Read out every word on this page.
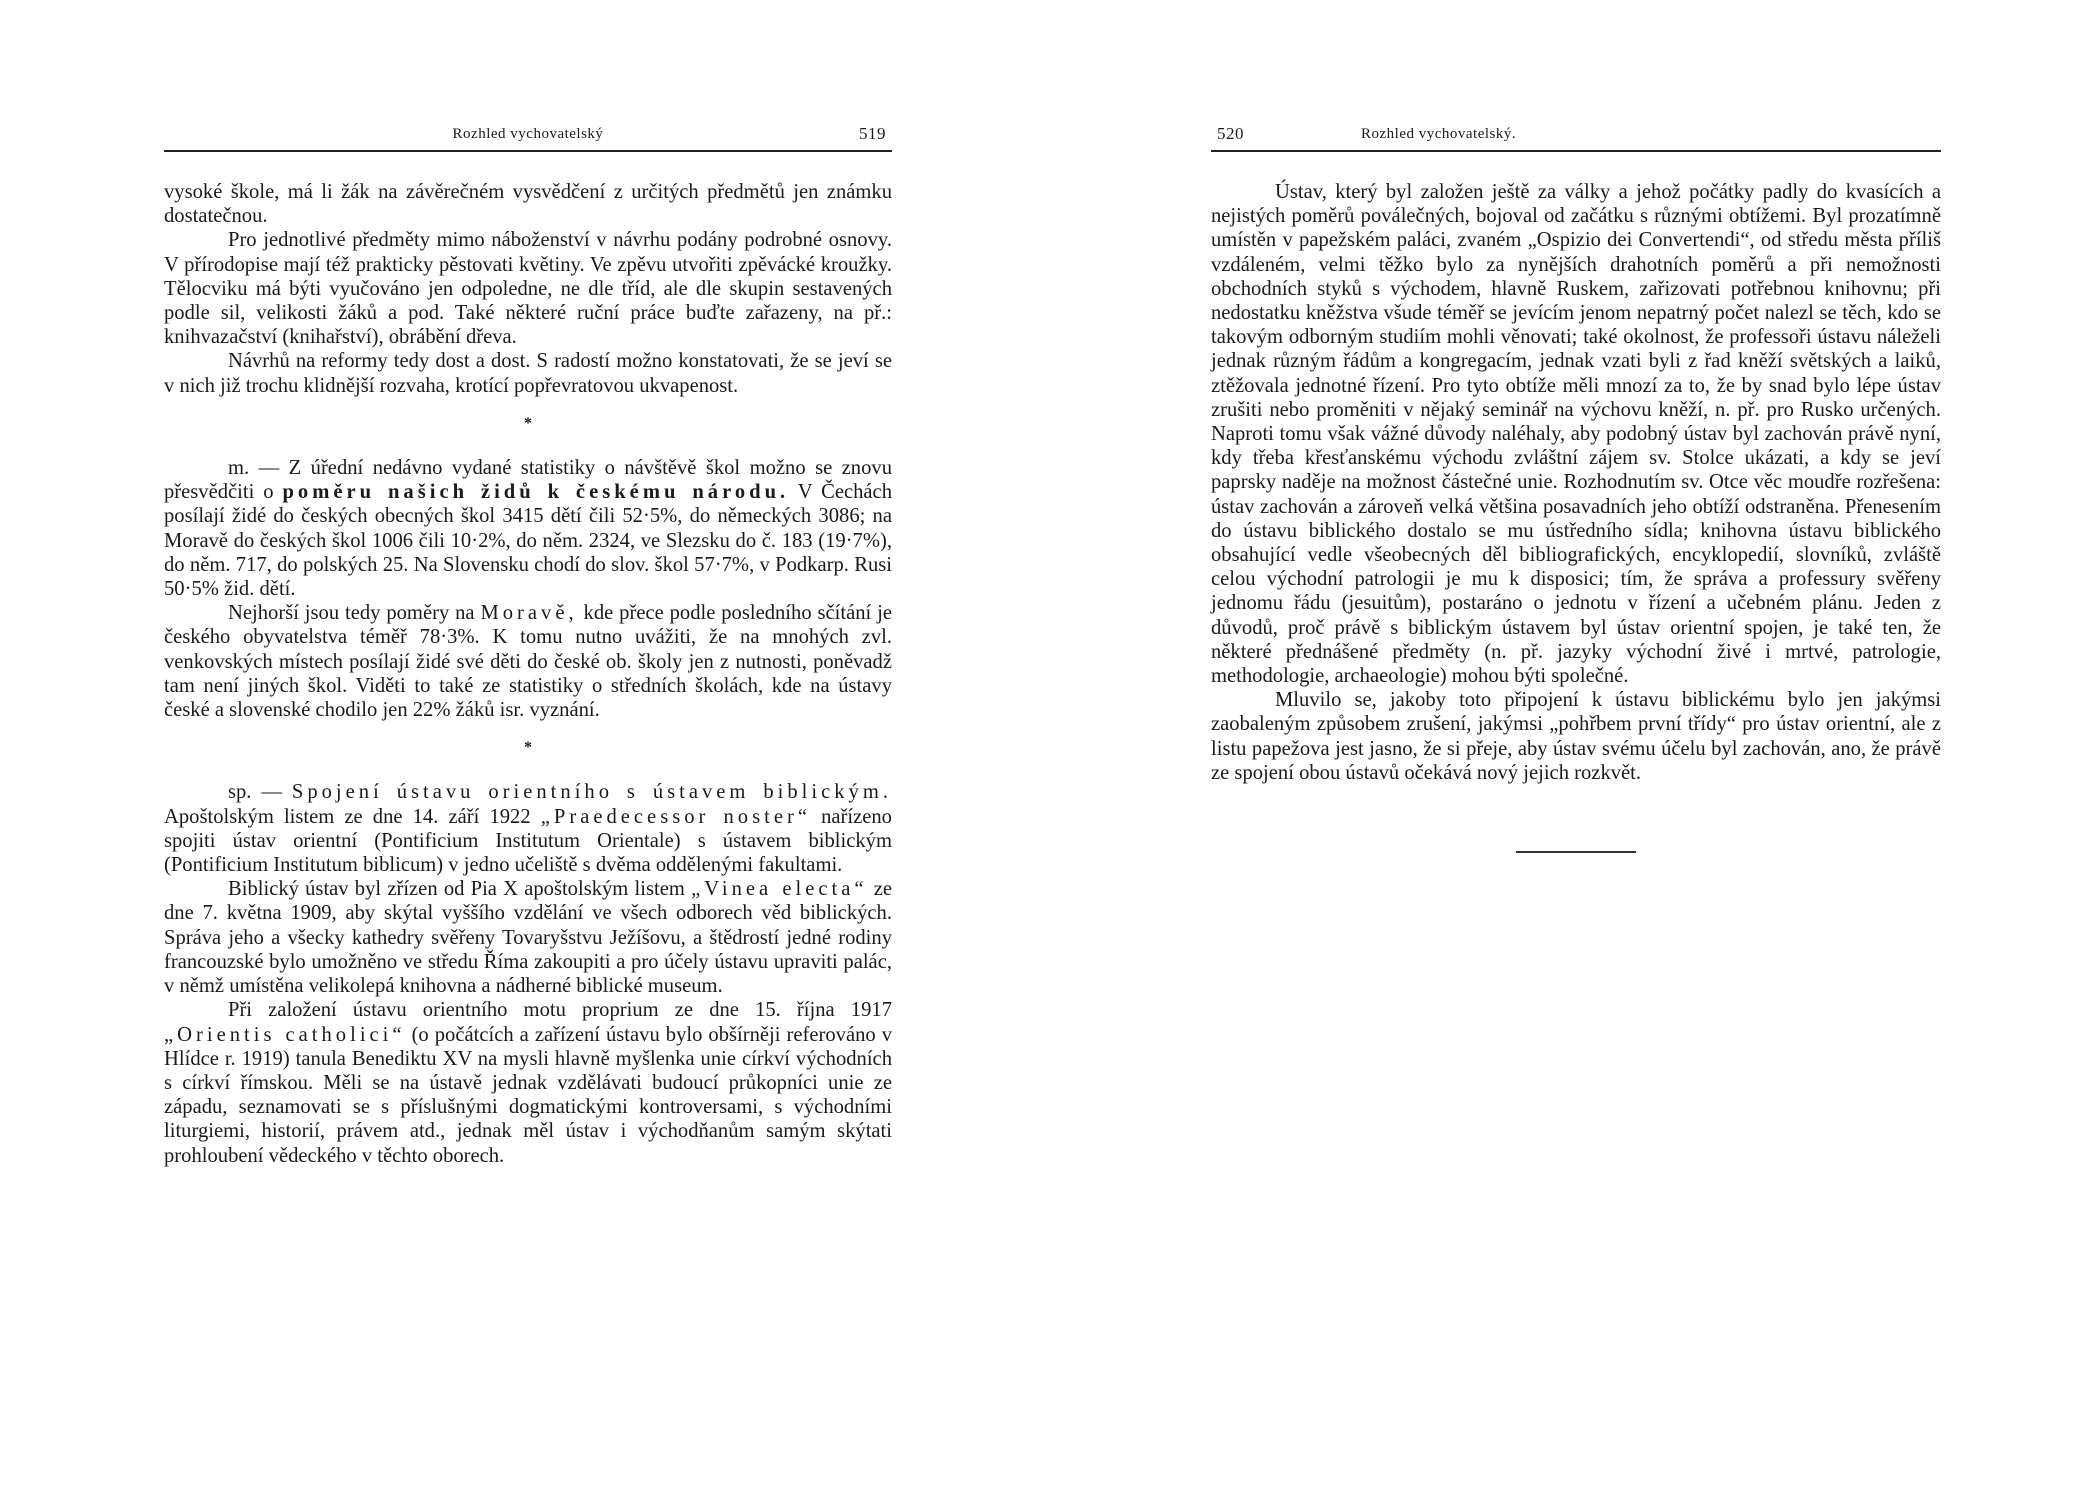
Rozhled vychovatelský	519

vysoké škole, má li žák na závěrečném vysvědčení z určitých předmětů jen známku dostatečnou.

Pro jednotlivé předměty mimo náboženství v návrhu podány podrobné osnovy. V přírodopise mají též prakticky pěstovati květiny. Ve zpěvu utvořiti zpěvácké kroužky. Tělocviku má býti vyučováno jen odpoledne, ne dle tříd, ale dle skupin sestavených podle sil, velikosti žáků a pod. Také některé ruční práce buďte zařazeny, na př.: knihvazačství (knihařství), obrábění dřeva.

Návrhů na reformy tedy dost a dost. S radostí možno konstatovati, že se jeví se v nich již trochu klidnější rozvaha, krotící popřevratovou ukvapenost.

*

m. — Z úřední nedávno vydané statistiky o návštěvě škol možno se znovu přesvědčiti o poměru našich židů k českému národu. V Čechách posílají židé do českých obecných škol 3415 dětí čili 52·5%, do německých 3086; na Moravě do českých škol 1006 čili 10·2%, do něm. 2324, ve Slezsku do č. 183 (19·7%), do něm. 717, do polských 25. Na Slovensku chodí do slov. škol 57·7%, v Podkarp. Rusi 50·5% žid. dětí.

Nejhorší jsou tedy poměry na Moravě, kde přece podle posledního sčítání je českého obyvatelstva téměř 78·3%. K tomu nutno uvážiti, že na mnohých zvl. venkovských místech posílají židé své děti do české ob. školy jen z nutnosti, poněvadž tam není jiných škol. Viděti to také ze statistiky o středních školách, kde na ústavy české a slovenské chodilo jen 22% žáků isr. vyznání.

*

sp. — Spojení ústavu orientního s ústavem biblickým. Apoštolským listem ze dne 14. září 1922 „Praedecessor noster“ nařízeno spojiti ústav orientní (Pontificium Institutum Orientale) s ústavem biblickým (Pontificium Institutum biblicum) v jedno učeliště s dvěma oddělenými fakultami.

Biblický ústav byl zřízen od Pia X apoštolským listem „Vinea electa“ ze dne 7. května 1909, aby skýtal vyššího vzdělání ve všech odborech věd biblických. Správa jeho a všecky kathedry svěřeny Tovaryšstvu Ježíšovu, a štědrostí jedné rodiny francouzské bylo umožněno ve středu Říma zakoupiti a pro účely ústavu upraviti palác, v němž umístěna velikolepá knihovna a nádherné biblické museum.

Při založení ústavu orientního motu proprium ze dne 15. října 1917 „Orientis catholici“ (o počátcích a zařízení ústavu bylo obšírněji referováno v Hlídce r. 1919) tanula Benediktu XV na mysli hlavně myšlenka unie církví východních s církví římskou. Měli se na ústavě jednak vzdělávati budoucí průkopníci unie ze západu, seznamovati se s příslušnými dogmatickými kontroversami, s východními liturgiemi, historií, právem atd., jednak měl ústav i východňanům samým skýtati prohloubení vědeckého v těchto oborech.

520	Rozhled vychovatelský.

Ústav, který byl založen ještě za války a jehož počátky padly do kvasících a nejistých poměrů poválečných, bojoval od začátku s různými obtížemi. Byl prozatímně umístěn v papežském paláci, zvaném „Ospizio dei Convertendi“, od středu města příliš vzdáleném, velmi těžko bylo za nynějších drahotních poměrů a při nemožnosti obchodních styků s východem, hlavně Ruskem, zařizovati potřebnou knihovnu; při nedostatku kněžstva všude téměř se jevícím jenom nepatrný počet nalezl se těch, kdo se takovým odborným studiím mohli věnovati; také okolnost, že professoři ústavu náleželi jednak různým řádům a kongregacím, jednak vzati byli z řad kněží světských a laiků, ztěžovala jednotné řízení. Pro tyto obtíže měli mnozí za to, že by snad bylo lépe ústav zrušiti nebo proměniti v nějaký seminář na výchovu kněží, n. př. pro Rusko určených. Naproti tomu však vážné důvody naléhaly, aby podobný ústav byl zachován právě nyní, kdy třeba křesťanskému východu zvláštní zájem sv. Stolce ukázati, a kdy se jeví paprsky naděje na možnost částečné unie. Rozhodnutím sv. Otce věc moudře rozřešena: ústav zachován a zároveň velká většina posavadních jeho obtíží odstraněna. Přenesením do ústavu biblického dostalo se mu ústředního sídla; knihovna ústavu biblického obsahující vedle všeobecných děl bibliografických, encyklopedií, slovníků, zvláště celou východní patrologii je mu k disposici; tím, že správa a professury svěřeny jednomu řádu (jesuitům), postaráno o jednotu v řízení a učebném plánu. Jeden z důvodů, proč právě s biblickým ústavem byl ústav orientní spojen, je také ten, že některé přednášené předměty (n. př. jazyky východní živé i mrtvé, patrologie, methodologie, archaeologie) mohou býti společné.

Mluvilo se, jakoby toto připojení k ústavu biblickému bylo jen jakýmsi zaobaleným způsobem zrušení, jakýmsi „pohřbem první třídy“ pro ústav orientní, ale z listu papežova jest jasno, že si přeje, aby ústav svému účelu byl zachován, ano, že právě ze spojení obou ústavů očekává nový jejich rozkvět.
